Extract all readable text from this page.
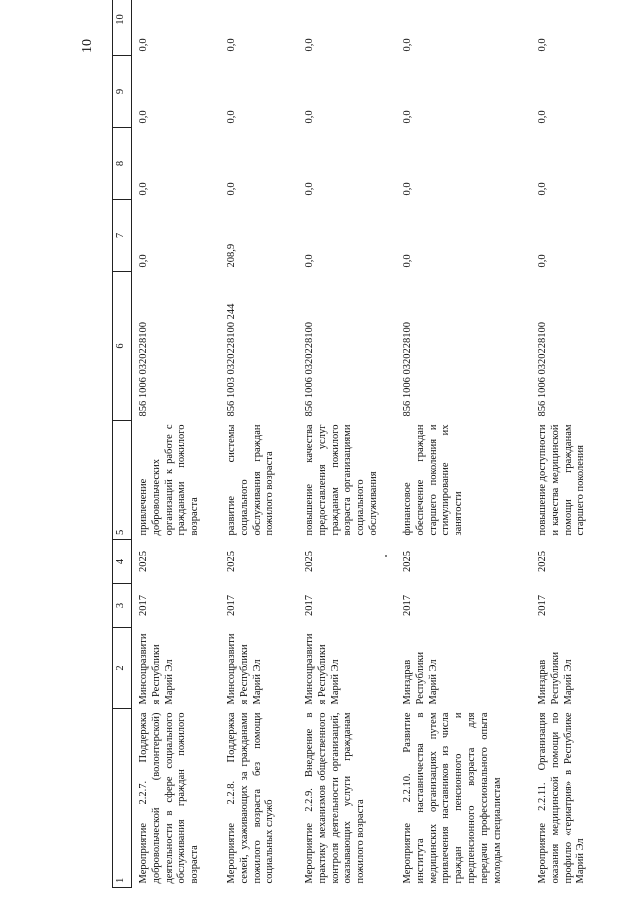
10
1	2	3	4	5	6	7	8	9	10
Мероприятие 2.2.7. Поддержка добровольческой (волонтерской) деятельности в сфере социального обслуживания граждан пожилого возраста	Минсоцразвития Республики Марий Эл	2017	2025	привлечение добровольческих организаций к работе с гражданами пожилого возраста	856 1006 0320228100	0,0	0,0	0,0	0,0
Мероприятие 2.2.8. Поддержка семей, ухаживающих за гражданами пожилого возраста без помощи социальных служб	Минсоцразвития Республики Марий Эл	2017	2025	развитие системы социального обслуживания граждан пожилого возраста	856 1003 0320228100 244	208,9	0,0	0,0	0,0
Мероприятие 2.2.9. Внедрение в практику механизмов общественного контроля деятельности организаций, оказывающих услуги гражданам пожилого возраста	Минсоцразвития Республики Марий Эл	2017	2025	повышение качества предоставления услуг гражданам пожилого возраста организациями социального обслуживания	856 1006 0320228100	0,0	0,0	0,0	0,0
Мероприятие 2.2.10. Развитие института наставничества в медицинских организациях путем привлечения наставников из числа граждан пенсионного и предпенсионного возраста для передачи профессионального опыта молодым специалистам	Минздрав Республики Марий Эл	2017	2025	финансовое обеспечение граждан старшего поколения и стимулирование их занятости	856 1006 0320228100	0,0	0,0	0,0	0,0
Мероприятие 2.2.11. Организация оказания медицинской помощи по профилю «гериатрия» в Республике Марий Эл	Минздрав Республики Марий Эл	2017	2025	повышение доступности и качества медицинской помощи гражданам старшего поколения	856 1006 0320228100	0,0	0,0	0,0	0,0
